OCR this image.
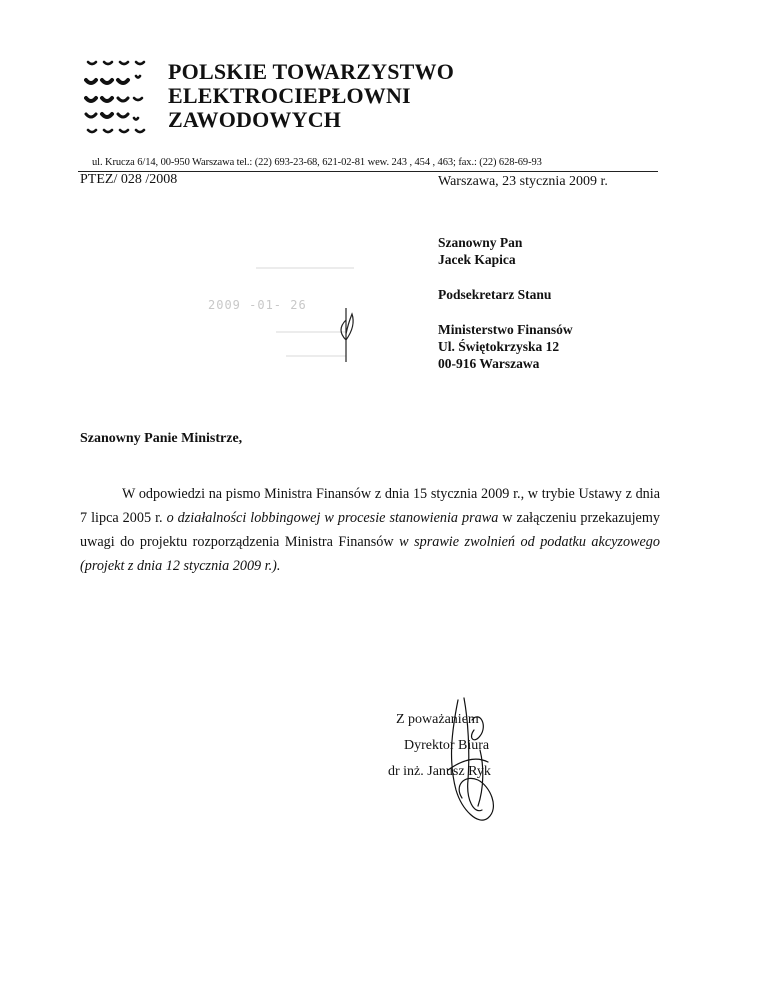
POLSKIE TOWARZYSTWO
ELEKTROCIEPŁOWNI
ZAWODOWYCH
ul. Krucza 6/14, 00-950 Warszawa tel.: (22) 693-23-68, 621-02-81 wew. 243 , 454 , 463; fax.: (22) 628-69-93
PTEZ/ 028 /2008	Warszawa, 23 stycznia 2009 r.
Szanowny Pan
Jacek Kapica
Podsekretarz Stanu
Ministerstwo Finansów
Ul. Świętokrzyska 12
00-916 Warszawa
2009 -01- 26
Szanowny Panie Ministrze,

W odpowiedzi na pismo Ministra Finansów z dnia 15 stycznia 2009 r., w trybie Ustawy z dnia 7 lipca 2005 r. o działalności lobbingowej w procesie stanowienia prawa w załączeniu przekazujemy uwagi do projektu rozporządzenia Ministra Finansów w sprawie zwolnień od podatku akcyzowego (projekt z dnia 12 stycznia 2009 r.).

Z poważaniem
Dyrektor Biura
dr inż. Janusz Ryk
